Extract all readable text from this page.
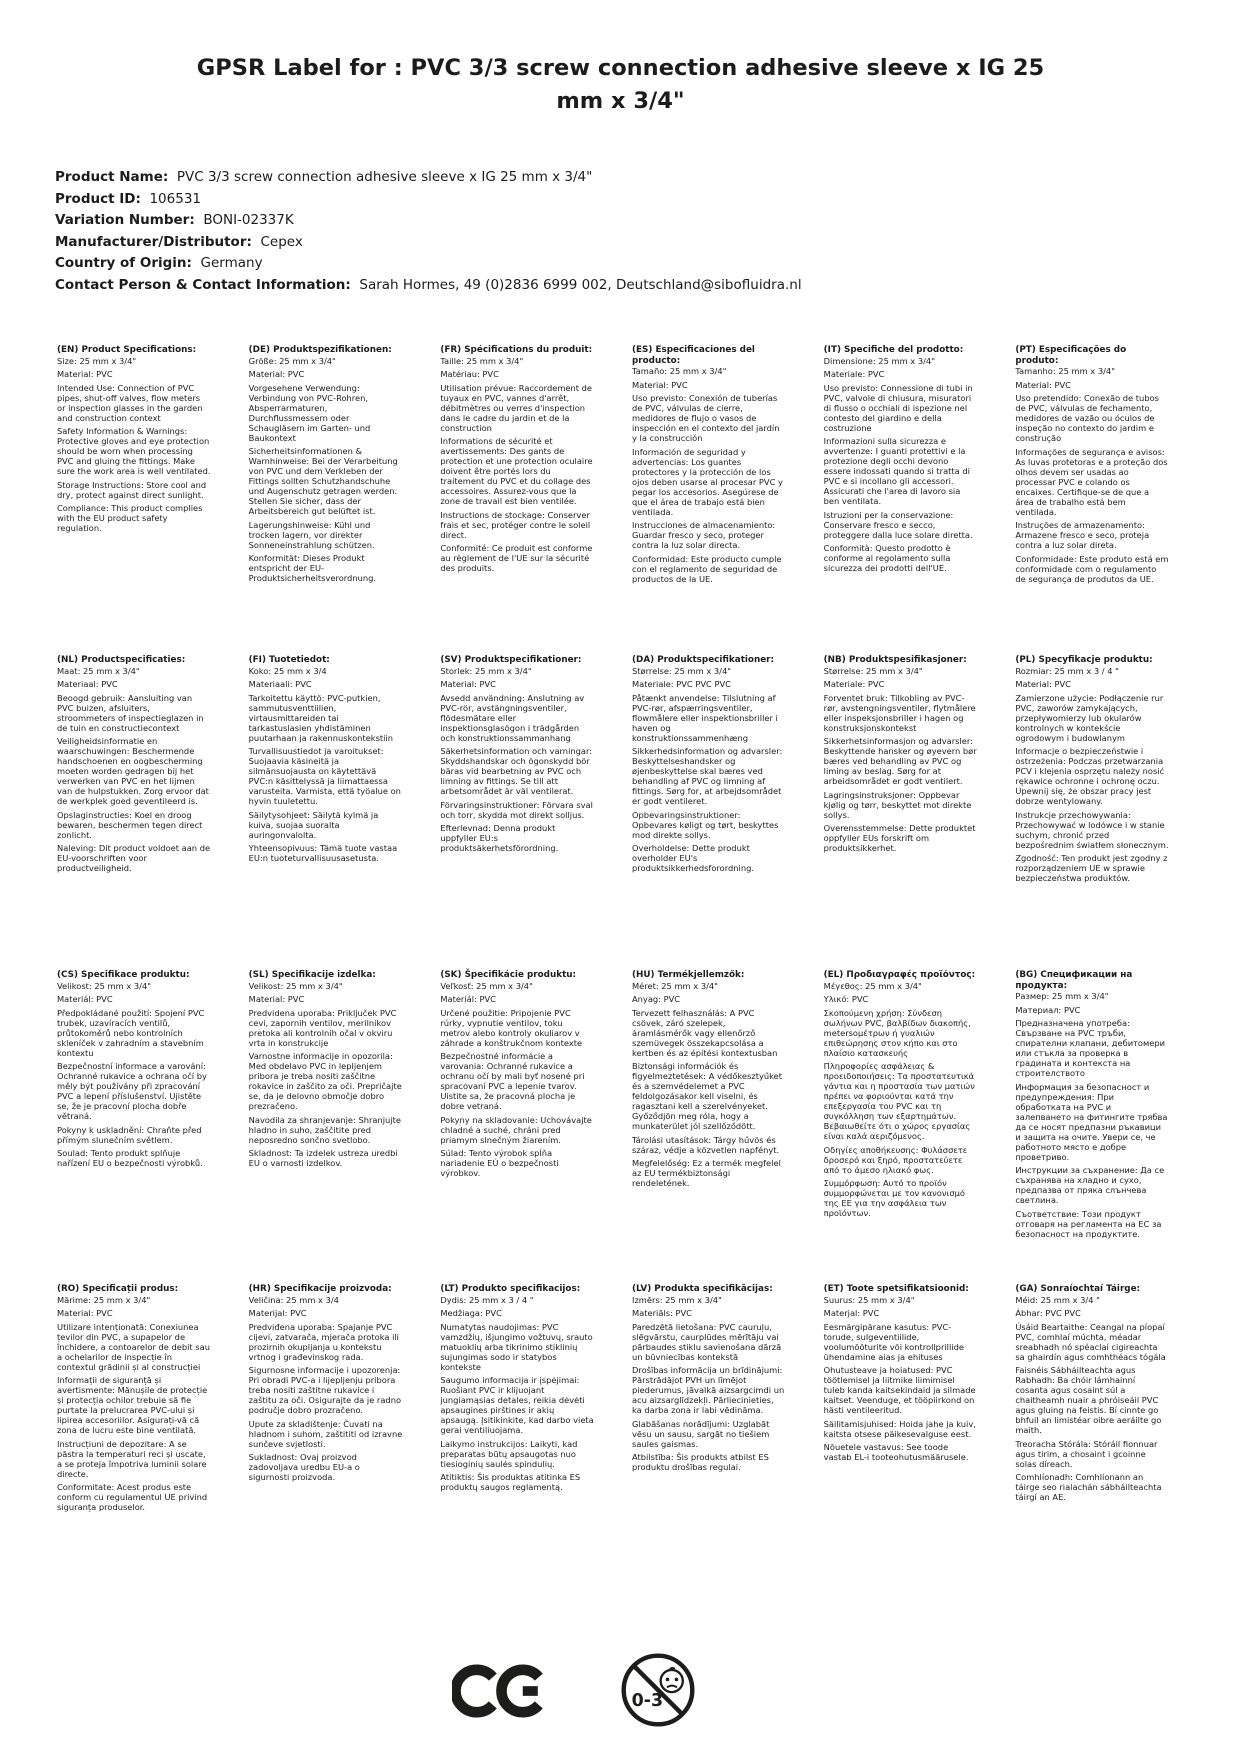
GPSR Label for : PVC 3/3 screw connection adhesive sleeve x IG 25
mm x 3/4"
Product Name:  PVC 3/3 screw connection adhesive sleeve x IG 25 mm x 3/4"
Product ID:  106531
Variation Number:  BONI-02337K
Manufacturer/Distributor:  Cepex
Country of Origin:  Germany
Contact Person & Contact Information:  Sarah Hormes, 49 (0)2836 6999 002, Deutschland@sibofluidra.nl
(EN) Product Specifications:

Size: 25 mm x 3/4"

Material: PVC

Intended Use: Connection of PVC pipes, shut-off valves, flow meters or inspection glasses in the garden and construction context

Safety Information & Warnings: Protective gloves and eye protection should be worn when processing PVC and gluing the fittings. Make sure the work area is well ventilated.

Storage Instructions: Store cool and dry, protect against direct sunlight.

Compliance: This product complies with the EU product safety regulation.

(DE) Produktspezifikationen:

Größe: 25 mm x 3/4"

Material: PVC

Vorgesehene Verwendung: Verbindung von PVC-Rohren, Absperrarmaturen, Durchflussmessern oder Schaugläsern im Garten- und Baukontext

Sicherheitsinformationen & Warnhinweise: Bei der Verarbeitung von PVC und dem Verkleben der Fittings sollten Schutzhandschuhe und Augenschutz getragen werden. Stellen Sie sicher, dass der Arbeitsbereich gut belüftet ist.

Lagerungshinweise: Kühl und trocken lagern, vor direkter Sonneneinstrahlung schützen.

Konformität: Dieses Produkt entspricht der EU-Produktsicherheitsverordnung.

(FR) Spécifications du produit:

Taille: 25 mm x 3/4"

Matériau: PVC

Utilisation prévue: Raccordement de tuyaux en PVC, vannes d'arrêt, débitmètres ou verres d'inspection dans le cadre du jardin et de la construction

Informations de sécurité et avertissements: Des gants de protection et une protection oculaire doivent être portés lors du traitement du PVC et du collage des accessoires. Assurez-vous que la zone de travail est bien ventilée.

Instructions de stockage: Conserver frais et sec, protéger contre le soleil direct.

Conformité: Ce produit est conforme au règlement de l'UE sur la sécurité des produits.

(ES) Especificaciones del producto:

Tamaño: 25 mm x 3/4"

Material: PVC

Uso previsto: Conexión de tuberías de PVC, válvulas de cierre, medidores de flujo o vasos de inspección en el contexto del jardín y la construcción

Información de seguridad y advertencias: Los guantes protectores y la protección de los ojos deben usarse al procesar PVC y pegar los accesorios. Asegúrese de que el área de trabajo está bien ventilada.

Instrucciones de almacenamiento: Guardar fresco y seco, proteger contra la luz solar directa.

Conformidad: Este producto cumple con el reglamento de seguridad de productos de la UE.

(IT) Specifiche del prodotto:

Dimensione: 25 mm x 3/4"

Materiale: PVC

Uso previsto: Connessione di tubi in PVC, valvole di chiusura, misuratori di flusso o occhiali di ispezione nel contesto del giardino e della costruzione

Informazioni sulla sicurezza e avvertenze: I guanti protettivi e la protezione degli occhi devono essere indossati quando si tratta di PVC e si incollano gli accessori. Assicurati che l'area di lavoro sia ben ventilata.

Istruzioni per la conservazione: Conservare fresco e secco, proteggere dalla luce solare diretta.

Conformità: Questo prodotto è conforme al regolamento sulla sicurezza dei prodotti dell'UE.

(PT) Especificações do produto:

Tamanho: 25 mm x 3/4"

Material: PVC

Uso pretendido: Conexão de tubos de PVC, válvulas de fechamento, medidores de vazão ou óculos de inspeção no contexto do jardim e construção

Informações de segurança e avisos: As luvas protetoras e a proteção dos olhos devem ser usadas ao processar PVC e colando os encaixes. Certifique-se de que a área de trabalho está bem ventilada.

Instruções de armazenamento: Armazene fresco e seco, proteja contra a luz solar direta.

Conformidade: Este produto está em conformidade com o regulamento de segurança de produtos da UE.

(NL) Productspecificaties:

Maat: 25 mm x 3/4"

Materiaal: PVC

Beoogd gebruik: Aansluiting van PVC buizen, afsluiters, stroommeters of inspectieglazen in de tuin en constructiecontext

Veiligheidsinformatie en waarschuwingen: Beschermende handschoenen en oogbescherming moeten worden gedragen bij het verwerken van PVC en het lijmen van de hulpstukken. Zorg ervoor dat de werkplek goed geventileerd is.

Opslaginstructies: Koel en droog bewaren, beschermen tegen direct zonlicht.

Naleving: Dit product voldoet aan de EU-voorschriften voor productveiligheid.

(FI) Tuotetiedot:

Koko: 25 mm x 3/4

Materiaali: PVC

Tarkoitettu käyttö: PVC-putkien, sammutusventtiilien, virtausmittareiden tai tarkastuslasien yhdistäminen puutarhaan ja rakennuskontekstiin

Turvallisuustiedot ja varoitukset: Suojaavia käsineitä ja silmänsuojausta on käytettävä PVC:n käsittelyssä ja liimattaessa varusteita. Varmista, että työalue on hyvin tuuletettu.

Säilytysohjeet: Säilytä kylmä ja kuiva, suojaa suoralta auringonvalolta.

Yhteensopivuus: Tämä tuote vastaa EU:n tuoteturvallisuusasetusta.

(SV) Produktspecifikationer:

Storlek: 25 mm x 3/4"

Material: PVC

Avsedd användning: Anslutning av PVC-rör, avstängningsventiler, flödesmätare eller inspektionsglasögon i trädgården och konstruktionssammanhang

Säkerhetsinformation och varningar: Skyddshandskar och ögonskydd bör bäras vid bearbetning av PVC och limning av fittings. Se till att arbetsområdet är väl ventilerat.

Förvaringsinstruktioner: Förvara sval och torr, skydda mot direkt solljus.

Efterlevnad: Denna produkt uppfyller EU:s produktsäkerhetsförordning.

(DA) Produktspecifikationer:

Størrelse: 25 mm x 3/4"

Materiale: PVC PVC PVC

Påtænkt anvendelse: Tilslutning af PVC-rør, afspærringsventiler, flowmålere eller inspektionsbriller i haven og konstruktionssammenhæng

Sikkerhedsinformation og advarsler: Beskyttelseshandsker og øjenbeskyttelse skal bæres ved behandling af PVC og limning af fittings. Sørg for, at arbejdsområdet er godt ventileret.

Opbevaringsinstruktioner: Opbevares køligt og tørt, beskyttes mod direkte sollys.

Overholdelse: Dette produkt overholder EU's produktsikkerhedsforordning.

(NB) Produktspesifikasjoner:

Størrelse: 25 mm x 3/4"

Materiale: PVC

Forventet bruk: Tilkobling av PVC-rør, avstengningsventiler, flytmålere eller inspeksjonsbriller i hagen og konstruksjonskontekst

Sikkerhetsinformasjon og advarsler: Beskyttende hansker og øyevern bør bæres ved behandling av PVC og liming av beslag. Sørg for at arbeidsområdet er godt ventilert.

Lagringsinstruksjoner: Oppbevar kjølig og tørr, beskyttet mot direkte sollys.

Overensstemmelse: Dette produktet oppfyller EUs forskrift om produktsikkerhet.

(PL) Specyfikacje produktu:

Rozmiar: 25 mm x 3 / 4 "

Material: PVC

Zamierzone użycie: Podłączenie rur PVC, zaworów zamykających, przepływomierzy lub okularów kontrolnych w kontekście ogrodowym i budowlanym

Informacje o bezpieczeństwie i ostrzeżenia: Podczas przetwarzania PCV i klejenia osprzętu należy nosić rękawice ochronne i ochronę oczu. Upewnij się, że obszar pracy jest dobrze wentylowany.

Instrukcje przechowywania: Przechowywać w lodówce i w stanie suchym, chronić przed bezpośrednim światłem słonecznym.

Zgodność: Ten produkt jest zgodny z rozporządzeniem UE w sprawie bezpieczeństwa produktów.

(CS) Specifikace produktu:

Velikost: 25 mm x 3/4"

Materiál: PVC

Předpokládané použití: Spojení PVC trubek, uzavíracích ventilů, průtokoměrů nebo kontrolních skleníček v zahradním a stavebním kontextu

Bezpečnostní informace a varování: Ochranné rukavice a ochrana očí by měly být používány při zpracování PVC a lepení příslušenství. Ujistěte se, že je pracovní plocha dobře větraná.

Pokyny k uskladnění: Chraňte před přímým slunečním světlem.

Soulad: Tento produkt splňuje nařízení EU o bezpečnosti výrobků.

(SL) Specifikacije izdelka:

Velikost: 25 mm x 3/4"

Material: PVC

Predvidena uporaba: Priključek PVC cevi, zapornih ventilov, merilnikov pretoka ali kontrolnih očal v okviru vrta in konstrukcije

Varnostne informacije in opozorila: Med obdelavo PVC in lepljenjem pribora je treba nositi zaščitne rokavice in zaščito za oči. Prepričajte se, da je delovno območje dobro prezračeno.

Navodila za shranjevanje: Shranjujte hladno in suho, zaščitite pred neposredno sončno svetlobo.

Skladnost: Ta izdelek ustreza uredbi EU o varnosti izdelkov.

(SK) Špecifikácie produktu:

Veľkosť: 25 mm x 3/4"

Materiál: PVC

Určené použitie: Pripojenie PVC rúrky, vypnutie ventilov, toku metrov alebo kontroly okuliarov v záhrade a konštrukčnom kontexte

Bezpečnostné informácie a varovania: Ochranné rukavice a ochranu očí by mali byť nosené pri spracovaní PVC a lepenie tvarov. Uistite sa, že pracovná plocha je dobre vetraná.

Pokyny na skladovanie: Uchovávajte chladné a suché, chráni pred priamym slnečným žiarením.

Súlad: Tento výrobok spĺňa nariadenie EÚ o bezpečnosti výrobkov.

(HU) Termékjellemzők:

Méret: 25 mm x 3/4"

Anyag: PVC

Tervezett felhasználás: A PVC csövek, záró szelepek, áramlásmérők vagy ellenőrző szemüvegek összekapcsolása a kertben és az építési kontextusban

Biztonsági információk és figyelmeztetések: A védőkesztyűket és a szemvédelemet a PVC feldolgozásakor kell viselni, és ragasztani kell a szerelvényeket. Győződjön meg róla, hogy a munkaterület jól szellőződött.

Tárolási utasítások: Tárgy hűvös és száraz, védje a közvetlen napfényt.

Megfelelőség: Ez a termék megfelel az EU termékbiztonsági rendeletének.

(EL) Προδιαγραφές προϊόντος:

Μέγεθος: 25 mm x 3/4"

Υλικό: PVC

Σκοπούμενη χρήση: Σύνδεση σωλήνων PVC, βαλβίδων διακοπής, metersομέτρων ή γυαλιών επιθεώρησης στον κήπο και στο πλαίσιο κατασκευής

Πληροφορίες ασφάλειας & προειδοποιήσεις: Τα προστατευτικά γάντια και η προστασία των ματιών πρέπει να φοριούνται κατά την επεξεργασία του PVC και τη συγκόλληση των εξαρτημάτων. Βεβαιωθείτε ότι ο χώρος εργασίας είναι καλά αεριζόμενος.

Οδηγίες αποθήκευσης: Φυλάσσετε δροσερό και ξηρό, προστατεύετε από το άμεσο ηλιακό φως.

Συμμόρφωση: Αυτό το προϊόν συμμορφώνεται με τον κανονισμό της ΕΕ για την ασφάλεια των προϊόντων.

(BG) Спецификации на продукта:

Размер: 25 mm x 3/4"

Материал: PVC

Предназначена употреба: Свързване на PVC тръби, спирателни клапани, дебитомери или стъкла за проверка в градината и контекста на строителството

Информация за безопасност и предупреждения: При обработката на PVC и залепването на фитингите трябва да се носят предпазни ръкавици и защита на очите. Увери се, че работното място е добре проветриво.

Инструкции за съхранение: Да се съхранява на хладно и сухо, предпазва от пряка слънчева светлина.

Съответствие: Този продукт отговаря на регламента на ЕС за безопасност на продуктите.

(RO) Specificații produs:

Mărime: 25 mm x 3/4"

Material: PVC

Utilizare intenționată: Conexiunea țevilor din PVC, a supapelor de închidere, a contoarelor de debit sau a ochelarilor de inspecție în contextul grădinii și al construcției

Informații de siguranță și avertismente: Mănușile de protecție și protecția ochilor trebuie să fie purtate la prelucrarea PVC-ului și lipirea accesoriilor. Asigurați-vă că zona de lucru este bine ventilată.

Instrucțiuni de depozitare: A se păstra la temperaturi reci și uscate, a se proteja împotriva luminii solare directe.

Conformitate: Acest produs este conform cu regulamentul UE privind siguranța produselor.

(HR) Specifikacije proizvoda:

Veličina: 25 mm x 3/4

Materijal: PVC

Predviđena uporaba: Spajanje PVC cijevi, zatvarača, mjerača protoka ili prozirnih okupljanja u kontekstu vrtnog i građevinskog rada.

Sigurnosne informacije i upozorenja: Pri obradi PVC-a i lijepljenju pribora treba nositi zaštitne rukavice i zaštitu za oči. Osigurajte da je radno područje dobro prozračeno.

Upute za skladištenje: Čuvati na hladnom i suhom, zaštititi od izravne sunčeve svjetlosti.

Sukladnost: Ovaj proizvod zadovoljava uredbu EU-a o sigurnosti proizvoda.

(LT) Produkto specifikacijos:

Dydis: 25 mm x 3 / 4 "

Medžiaga: PVC

Numatytas naudojimas: PVC vamzdžių, išjungimo vožtuvų, srauto matuoklių arba tikrinimo stiklinių sujungimas sodo ir statybos kontekste

Saugumo informacija ir įspėjimai: Ruošiant PVC ir klijuojant jungiamąsias detales, reikia dėvėti apsaugines pirštines ir akių apsaugą. Įsitikinkite, kad darbo vieta gerai ventiliuojama.

Laikymo instrukcijos: Laikyti, kad preparatas būtų apsaugotas nuo tiesioginių saulės spindulių.

Atitiktis: Šis produktas atitinka ES produktų saugos reglamentą.

(LV) Produkta specifikācijas:

Izmērs: 25 mm x 3/4"

Materiāls: PVC

Paredzētā lietošana: PVC cauruļu, slēgvārstu, caurplūdes mērītāju vai pārbaudes stiklu savienošana dārzā un būvniecības kontekstā

Drošības informācija un brīdinājumi: Pārstrādājot PVH un līmējot piederumus, jāvalkā aizsargcimdi un acu aizsarglīdzekļi. Pārliecinieties, ka darba zona ir labi vēdināma.

Glabāšanas norādījumi: Uzglabāt vēsu un sausu, sargāt no tiešiem saules gaismas.

Atbilstība: Šis produkts atbilst ES produktu drošības regulai.

(ET) Toote spetsifikatsioonid:

Suurus: 25 mm x 3/4"

Materjal: PVC

Eesmärgipärane kasutus: PVC-torude, sulgeventiilide, voolumõõturite või kontrollprillide ühendamine aias ja ehituses

Ohutusteave ja hoiatused: PVC töötlemisel ja liitmike liimimisel tuleb kanda kaitsekindaid ja silmade kaitset. Veenduge, et tööpiirkond on hästi ventileeritud.

Säilitamisjuhised: Hoida jahe ja kuiv, kaitsta otsese päikesevalguse eest.

Nõuetele vastavus: See toode vastab EL-i tooteohutusmäärusele.

(GA) Sonraíochtaí Táirge:

Méid: 25 mm x 3/4 "

Ábhar: PVC PVC

Úsáid Beartaithe: Ceangal na píopaí PVC, comhlaí múchta, méadar sreabhadh nó spéaclaí cigireachta sa ghairdín agus comhthéacs tógála

Faisnéis Sábháilteachta agus Rabhadh: Ba chóir lámhainní cosanta agus cosaint súl a chaitheamh nuair a phróiseáil PVC agus gluing na feistis. Bí cinnte go bhfuil an limistéar oibre aeráilte go maith.

Treoracha Stórála: Stóráil fionnuar agus tirim, a chosaint i gcoinne solas díreach.

Comhlíonadh: Comhlíonann an táirge seo rialachán sábháilteachta táirgí an AE.

0-3
